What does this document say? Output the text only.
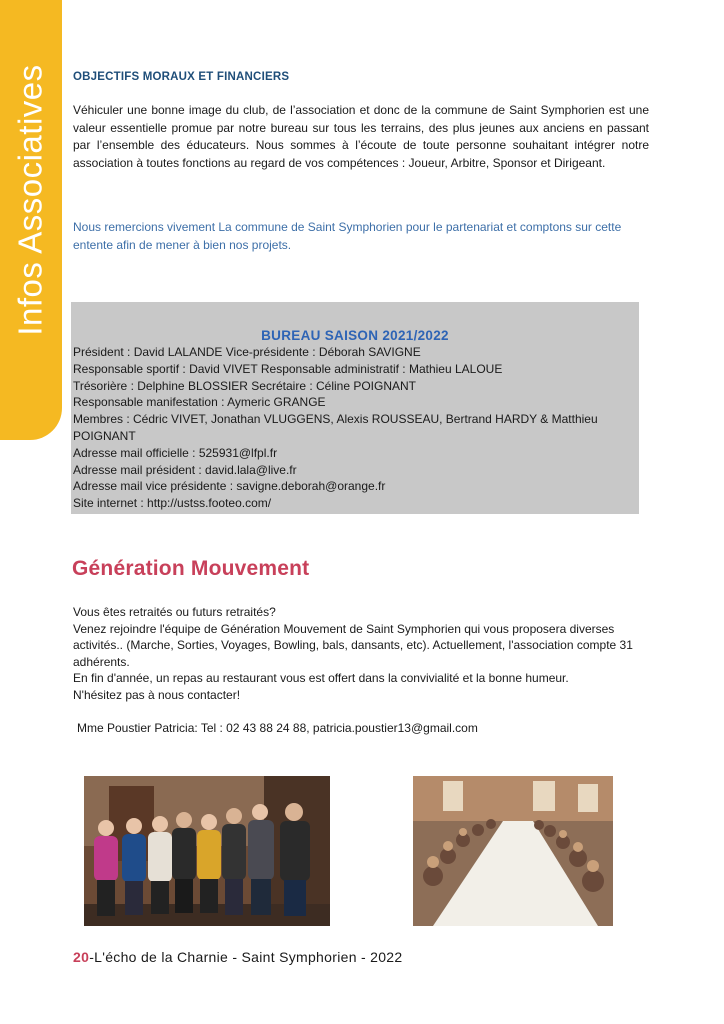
Infos Associatives OBJECTIFS MORAUX ET FINANCIERS

Véhiculer une bonne image du club, de l’association et donc de la commune de Saint Symphorien est une valeur essentielle promue par notre bureau sur tous les terrains, des plus jeunes aux anciens en passant par l’ensemble des éducateurs. Nous sommes à l’écoute de toute personne souhaitant intégrer notre association à toutes fonctions au regard de vos compétences : Joueur, Arbitre, Sponsor et Dirigeant.

Nous remercions vivement La commune de Saint Symphorien pour le partenariat et comptons sur cette entente afin de mener à bien nos projets.

BUREAU SAISON 2021/2022
Président : David LALANDE Vice-présidente : Déborah SAVIGNE
Responsable sportif : David VIVET Responsable administratif : Mathieu LALOUE
Trésorière : Delphine BLOSSIER Secrétaire : Céline POIGNANT
Responsable manifestation : Aymeric GRANGE
Membres : Cédric VIVET, Jonathan VLUGGENS, Alexis ROUSSEAU, Bertrand HARDY & Matthieu POIGNANT
Adresse mail officielle : 525931@lfpl.fr
Adresse mail président : david.lala@live.fr
Adresse mail vice présidente : savigne.deborah@orange.fr
Site internet : http://ustss.footeo.com/
Génération Mouvement
Vous êtes retraités ou futurs retraités?
Venez rejoindre l'équipe de Génération Mouvement de Saint Symphorien qui vous proposera diverses activités.. (Marche, Sorties, Voyages, Bowling, bals, dansants, etc). Actuellement, l'association compte 31 adhérents.
En fin d'année, un repas au restaurant vous est offert dans la convivialité et la bonne humeur.
N'hésitez pas à nous contacter!
Mme Poustier Patricia: Tel : 02 43 88 24 88, patricia.poustier13@gmail.com
20-L'écho de la Charnie - Saint Symphorien - 2022
